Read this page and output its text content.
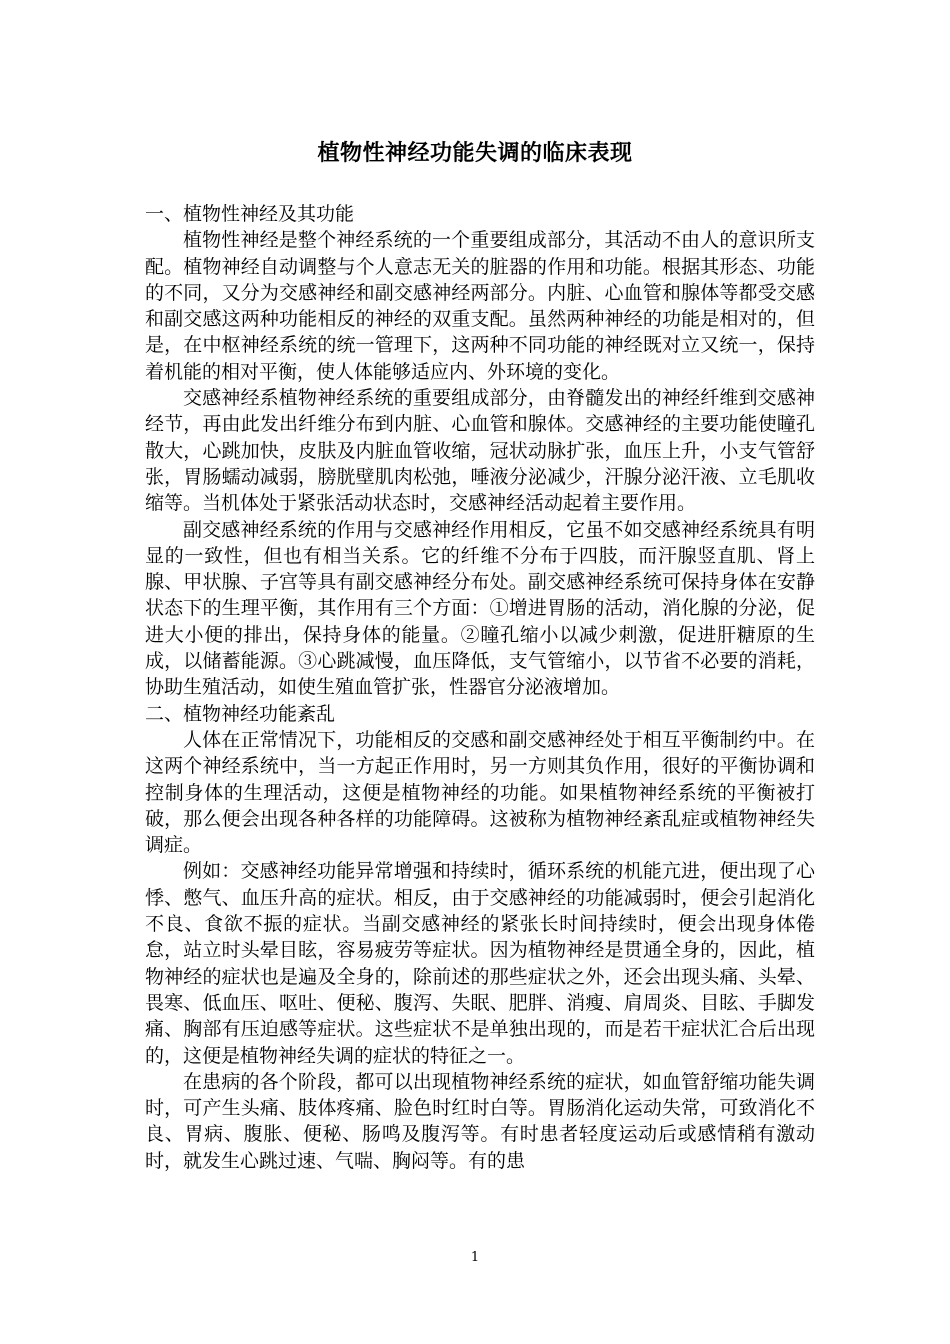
植物性神经功能失调的临床表现

一、植物性神经及其功能

植物性神经是整个神经系统的一个重要组成部分，其活动不由人的意识所支配。植物神经自动调整与个人意志无关的脏器的作用和功能。根据其形态、功能的不同，又分为交感神经和副交感神经两部分。内脏、心血管和腺体等都受交感和副交感这两种功能相反的神经的双重支配。虽然两种神经的功能是相对的，但是，在中枢神经系统的统一管理下，这两种不同功能的神经既对立又统一，保持着机能的相对平衡，使人体能够适应内、外环境的变化。

交感神经系植物神经系统的重要组成部分，由脊髓发出的神经纤维到交感神经节，再由此发出纤维分布到内脏、心血管和腺体。交感神经的主要功能使瞳孔散大，心跳加快，皮肤及内脏血管收缩，冠状动脉扩张，血压上升，小支气管舒张，胃肠蠕动减弱，膀胱壁肌肉松弛，唾液分泌减少，汗腺分泌汗液、立毛肌收缩等。当机体处于紧张活动状态时，交感神经活动起着主要作用。

副交感神经系统的作用与交感神经作用相反，它虽不如交感神经系统具有明显的一致性，但也有相当关系。它的纤维不分布于四肢，而汗腺竖直肌、肾上腺、甲状腺、子宫等具有副交感神经分布处。副交感神经系统可保持身体在安静状态下的生理平衡，其作用有三个方面：①增进胃肠的活动，消化腺的分泌，促进大小便的排出，保持身体的能量。②瞳孔缩小以减少刺激，促进肝糖原的生成，以储蓄能源。③心跳减慢，血压降低，支气管缩小，以节省不必要的消耗，协助生殖活动，如使生殖血管扩张，性器官分泌液增加。

二、植物神经功能紊乱

人体在正常情况下，功能相反的交感和副交感神经处于相互平衡制约中。在这两个神经系统中，当一方起正作用时，另一方则其负作用，很好的平衡协调和控制身体的生理活动，这便是植物神经的功能。如果植物神经系统的平衡被打破，那么便会出现各种各样的功能障碍。这被称为植物神经紊乱症或植物神经失调症。

例如：交感神经功能异常增强和持续时，循环系统的机能亢进，便出现了心悸、憋气、血压升高的症状。相反，由于交感神经的功能减弱时，便会引起消化不良、食欲不振的症状。当副交感神经的紧张长时间持续时，便会出现身体倦怠，站立时头晕目眩，容易疲劳等症状。因为植物神经是贯通全身的，因此，植物神经的症状也是遍及全身的，除前述的那些症状之外，还会出现头痛、头晕、畏寒、低血压、呕吐、便秘、腹泻、失眠、肥胖、消瘦、肩周炎、目眩、手脚发痛、胸部有压迫感等症状。这些症状不是单独出现的，而是若干症状汇合后出现的，这便是植物神经失调的症状的特征之一。

在患病的各个阶段，都可以出现植物神经系统的症状，如血管舒缩功能失调时，可产生头痛、肢体疼痛、脸色时红时白等。胃肠消化运动失常，可致消化不良、胃病、腹胀、便秘、肠鸣及腹泻等。有时患者轻度运动后或感情稍有激动时，就发生心跳过速、气喘、胸闷等。有的患

1
